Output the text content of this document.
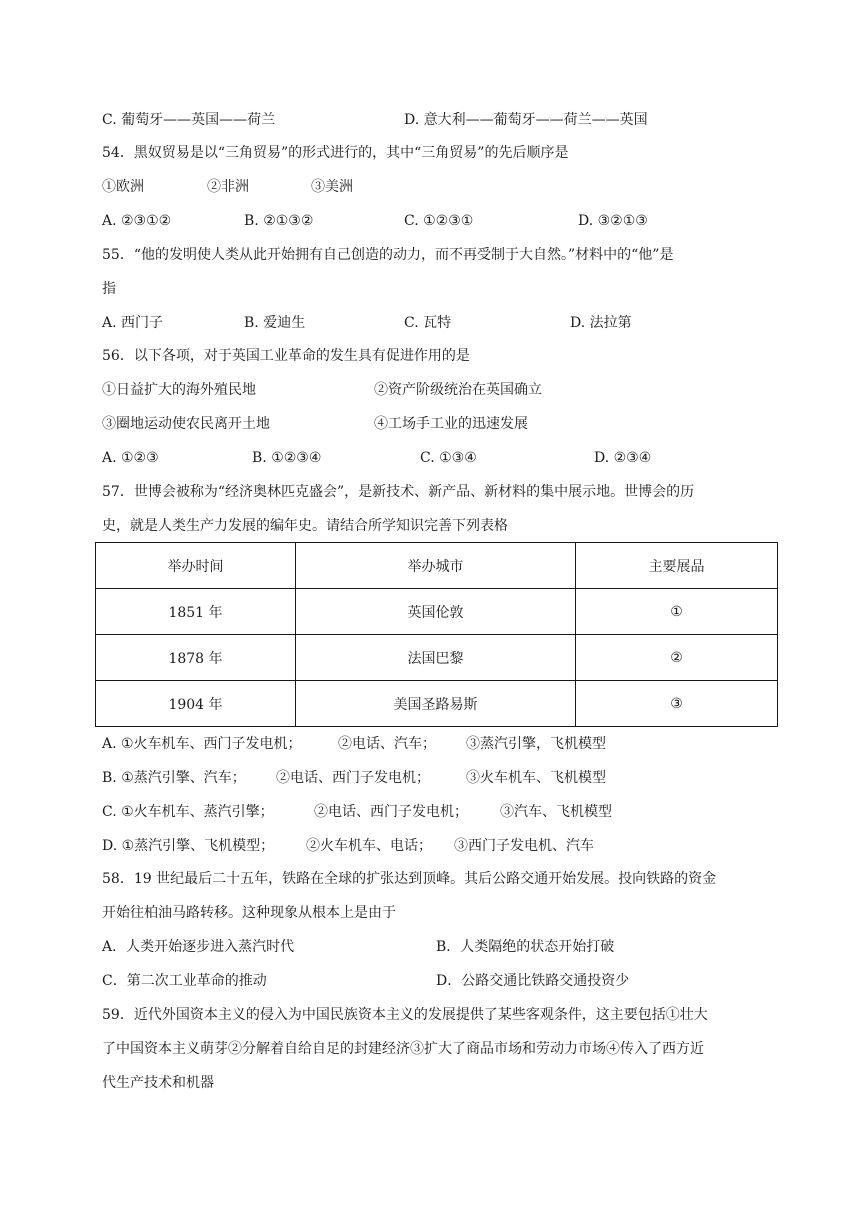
C. 葡萄牙——英国——荷兰	D. 意大利——葡萄牙——荷兰——英国
54．黑奴贸易是以“三角贸易”的形式进行的，其中“三角贸易”的先后顺序是
①欧洲	②非洲	③美洲
A. ②③①②	B. ②①③②	C. ①②③①	D. ③②①③
55．“他的发明使人类从此开始拥有自己创造的动力，而不再受制于大自然。”材料中的“他”是
指
A. 西门子	B. 爱迪生	C. 瓦特	D. 法拉第
56．以下各项，对于英国工业革命的发生具有促进作用的是
①日益扩大的海外殖民地	②资产阶级统治在英国确立
③圈地运动使农民离开土地	④工场手工业的迅速发展
A. ①②③	B. ①②③④	C. ①③④	D. ②③④
57．世博会被称为“经济奥林匹克盛会”，是新技术、新产品、新材料的集中展示地。世博会的历
史，就是人类生产力发展的编年史。请结合所学知识完善下列表格
举办时间	举办城市	主要展品
1851 年	英国伦敦	①
1878 年	法国巴黎	②
1904 年	美国圣路易斯	③
A. ①火车机车、西门子发电机；	②电话、汽车； ③蒸汽引擎，飞机模型
B. ①蒸汽引擎、汽车； ②电话、西门子发电机；	③火车机车、飞机模型
C. ①火车机车、蒸汽引擎；	②电话、西门子发电机； ③汽车、飞机模型
D. ①蒸汽引擎、飞机模型； ②火车机车、电话； ③西门子发电机、汽车
58．19 世纪最后二十五年，铁路在全球的扩张达到顶峰。其后公路交通开始发展。投向铁路的资金
开始往柏油马路转移。这种现象从根本上是由于
A．人类开始逐步进入蒸汽时代	B．人类隔绝的状态开始打破
C．第二次工业革命的推动	D．公路交通比铁路交通投资少
59．近代外国资本主义的侵入为中国民族资本主义的发展提供了某些客观条件，这主要包括①壮大
了中国资本主义萌芽②分解着自给自足的封建经济③扩大了商品市场和劳动力市场④传入了西方近
代生产技术和机器
